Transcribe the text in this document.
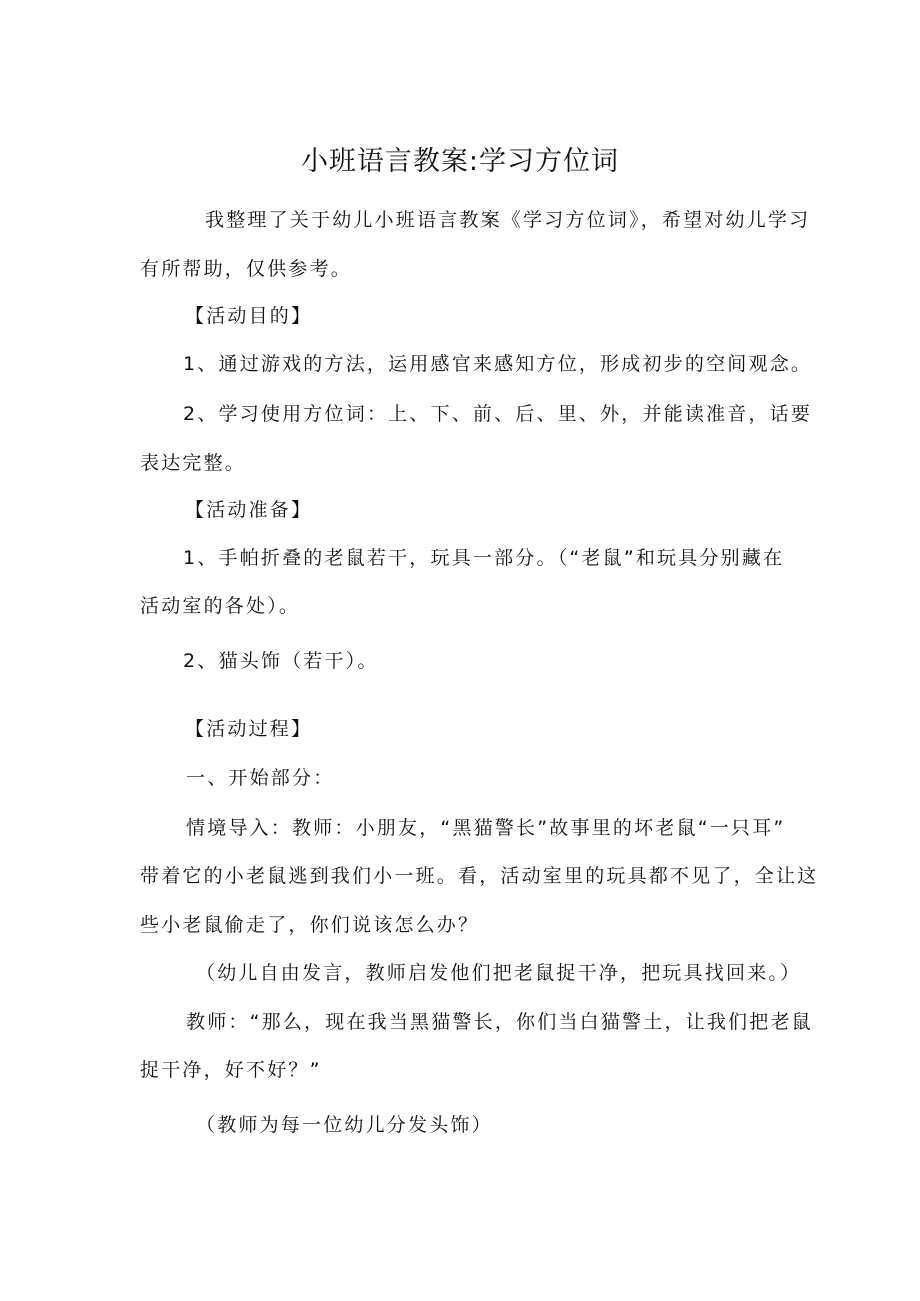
小班语言教案:学习方位词
我整理了关于幼儿小班语言教案《学习方位词》，希望对幼儿学习
有所帮助，仅供参考。
【活动目的】
1、通过游戏的方法，运用感官来感知方位，形成初步的空间观念。
2、学习使用方位词：上、下、前、后、里、外，并能读准音，话要
表达完整。
【活动准备】
1、手帕折叠的老鼠若干，玩具一部分。（“老鼠”和玩具分别藏在
活动室的各处）。
2、猫头饰（若干）。
【活动过程】
一、开始部分：
情境导入：教师：小朋友，“黑猫警长”故事里的坏老鼠“一只耳”
带着它的小老鼠逃到我们小一班。看，活动室里的玩具都不见了，全让这
些小老鼠偷走了，你们说该怎么办？
（幼儿自由发言，教师启发他们把老鼠捉干净，把玩具找回来。）
教师：“那么，现在我当黑猫警长，你们当白猫警土，让我们把老鼠
捉干净，好不好？”
（教师为每一位幼儿分发头饰）
